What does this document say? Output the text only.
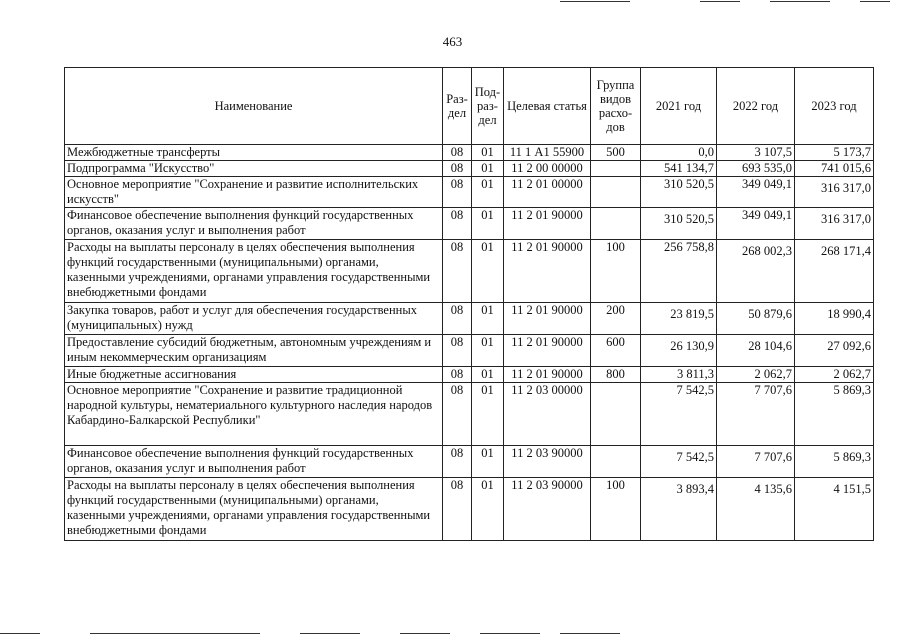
463
Наименование	Раз-дел	Под-раз-дел	Целевая статья	Группа видов расхо-дов	2021 год	2022 год	2023 год
Межбюджетные трансферты	08	01	11 1 А1 55900	500	0,0	3 107,5	5 173,7
Подпрограмма "Искусство"	08	01	11 2 00 00000		541 134,7	693 535,0	741 015,6
Основное мероприятие "Сохранение и развитие исполнительских искусств"	08	01	11 2 01 00000		310 520,5	349 049,1	316 317,0
Финансовое обеспечение выполнения функций государственных органов, оказания услуг и выполнения работ	08	01	11 2 01 90000		310 520,5	349 049,1	316 317,0
Расходы на выплаты персоналу в целях обеспечения выполнения функций государственными (муниципальными) органами, казенными учреждениями, органами управления государственными внебюджетными фондами	08	01	11 2 01 90000	100	256 758,8	268 002,3	268 171,4
Закупка товаров, работ и услуг для обеспечения государственных (муниципальных) нужд	08	01	11 2 01 90000	200	23 819,5	50 879,6	18 990,4
Предоставление субсидий бюджетным, автономным учреждениям и иным некоммерческим организациям	08	01	11 2 01 90000	600	26 130,9	28 104,6	27 092,6
Иные бюджетные ассигнования	08	01	11 2 01 90000	800	3 811,3	2 062,7	2 062,7
Основное мероприятие "Сохранение и развитие традиционной народной культуры, нематериального культурного наследия народов Кабардино-Балкарской Республики"	08	01	11 2 03 00000		7 542,5	7 707,6	5 869,3
Финансовое обеспечение выполнения функций государственных органов, оказания услуг и выполнения работ	08	01	11 2 03 90000		7 542,5	7 707,6	5 869,3
Расходы на выплаты персоналу в целях обеспечения выполнения функций государственными (муниципальными) органами, казенными учреждениями, органами управления государственными внебюджетными фондами	08	01	11 2 03 90000	100	3 893,4	4 135,6	4 151,5
